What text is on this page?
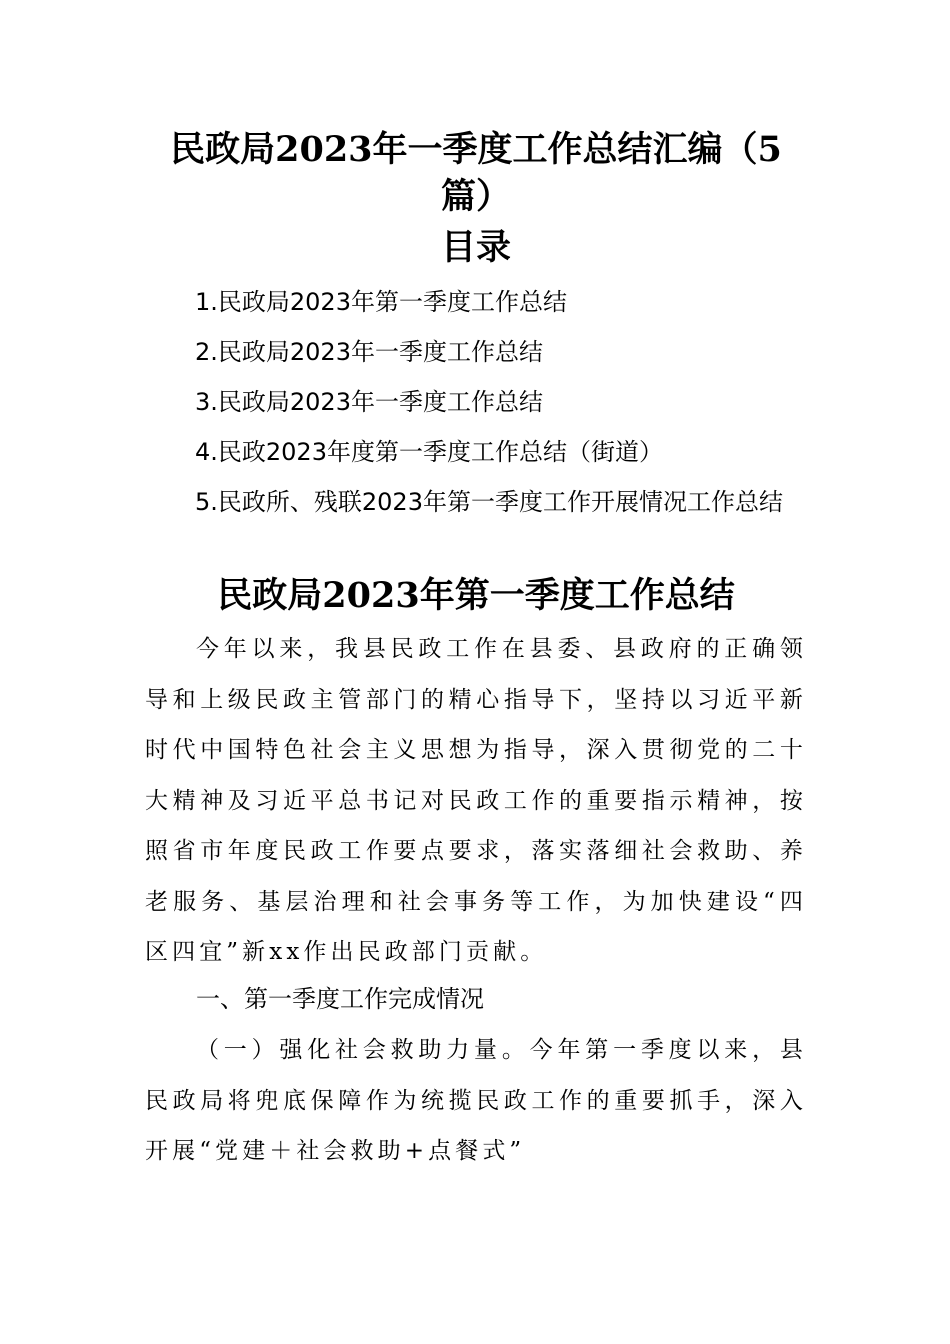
民政局2023年一季度工作总结汇编（5篇）
目录
1.民政局2023年第一季度工作总结
2.民政局2023年一季度工作总结
3.民政局2023年一季度工作总结
4.民政2023年度第一季度工作总结（街道）
5.民政所、残联2023年第一季度工作开展情况工作总结
民政局2023年第一季度工作总结

今年以来，我县民政工作在县委、县政府的正确领导和上级民政主管部门的精心指导下，坚持以习近平新时代中国特色社会主义思想为指导，深入贯彻党的二十大精神及习近平总书记对民政工作的重要指示精神，按照省市年度民政工作要点要求，落实落细社会救助、养老服务、基层治理和社会事务等工作，为加快建设“四区四宜”新xx作出民政部门贡献。

一、第一季度工作完成情况

（一）强化社会救助力量。今年第一季度以来，县民政局将兜底保障作为统揽民政工作的重要抓手，深入开展“党建＋社会救助+点餐式”
